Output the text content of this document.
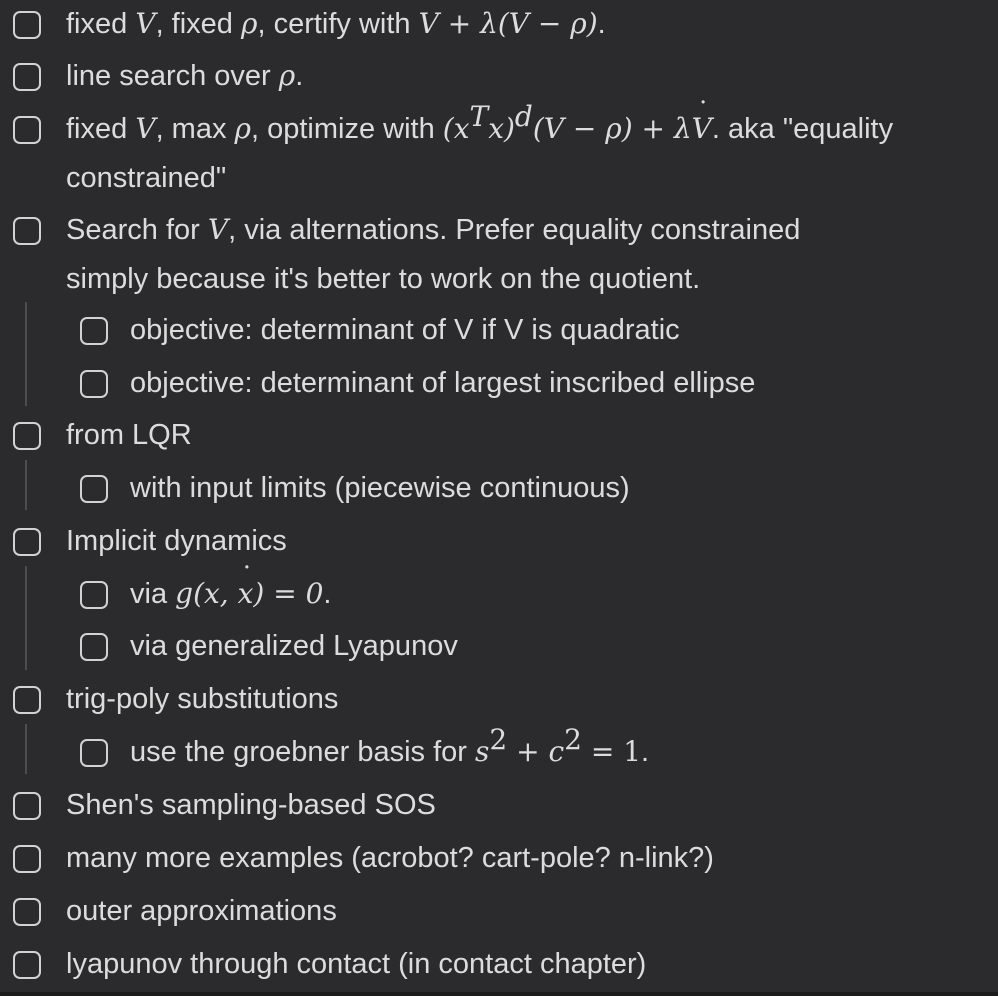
fixed V, fixed ρ, certify with ˙ V + λ(V − ρ).
line search over ρ.
fixed V, max ρ, optimize with $(x^Tx)^d(V - \rho)$ + λ˙ V. aka "equality
constrained"
Search for V, via alternations. Prefer equality constrained
simply because it's better to work on the quotient.
objective: determinant of V if V is quadratic
objective: determinant of largest inscribed ellipse
from LQR
with input limits (piecewise continuous)
Implicit dynamics
via g(x, ˙ x) = 0.
via generalized Lyapunov
trig-poly substitutions
use the groebner basis for $s^2 + c^2 = 1$.
Shen's sampling-based SOS
many more examples (acrobot? cart-pole? n-link?)
outer approximations
lyapunov through contact (in contact chapter)
